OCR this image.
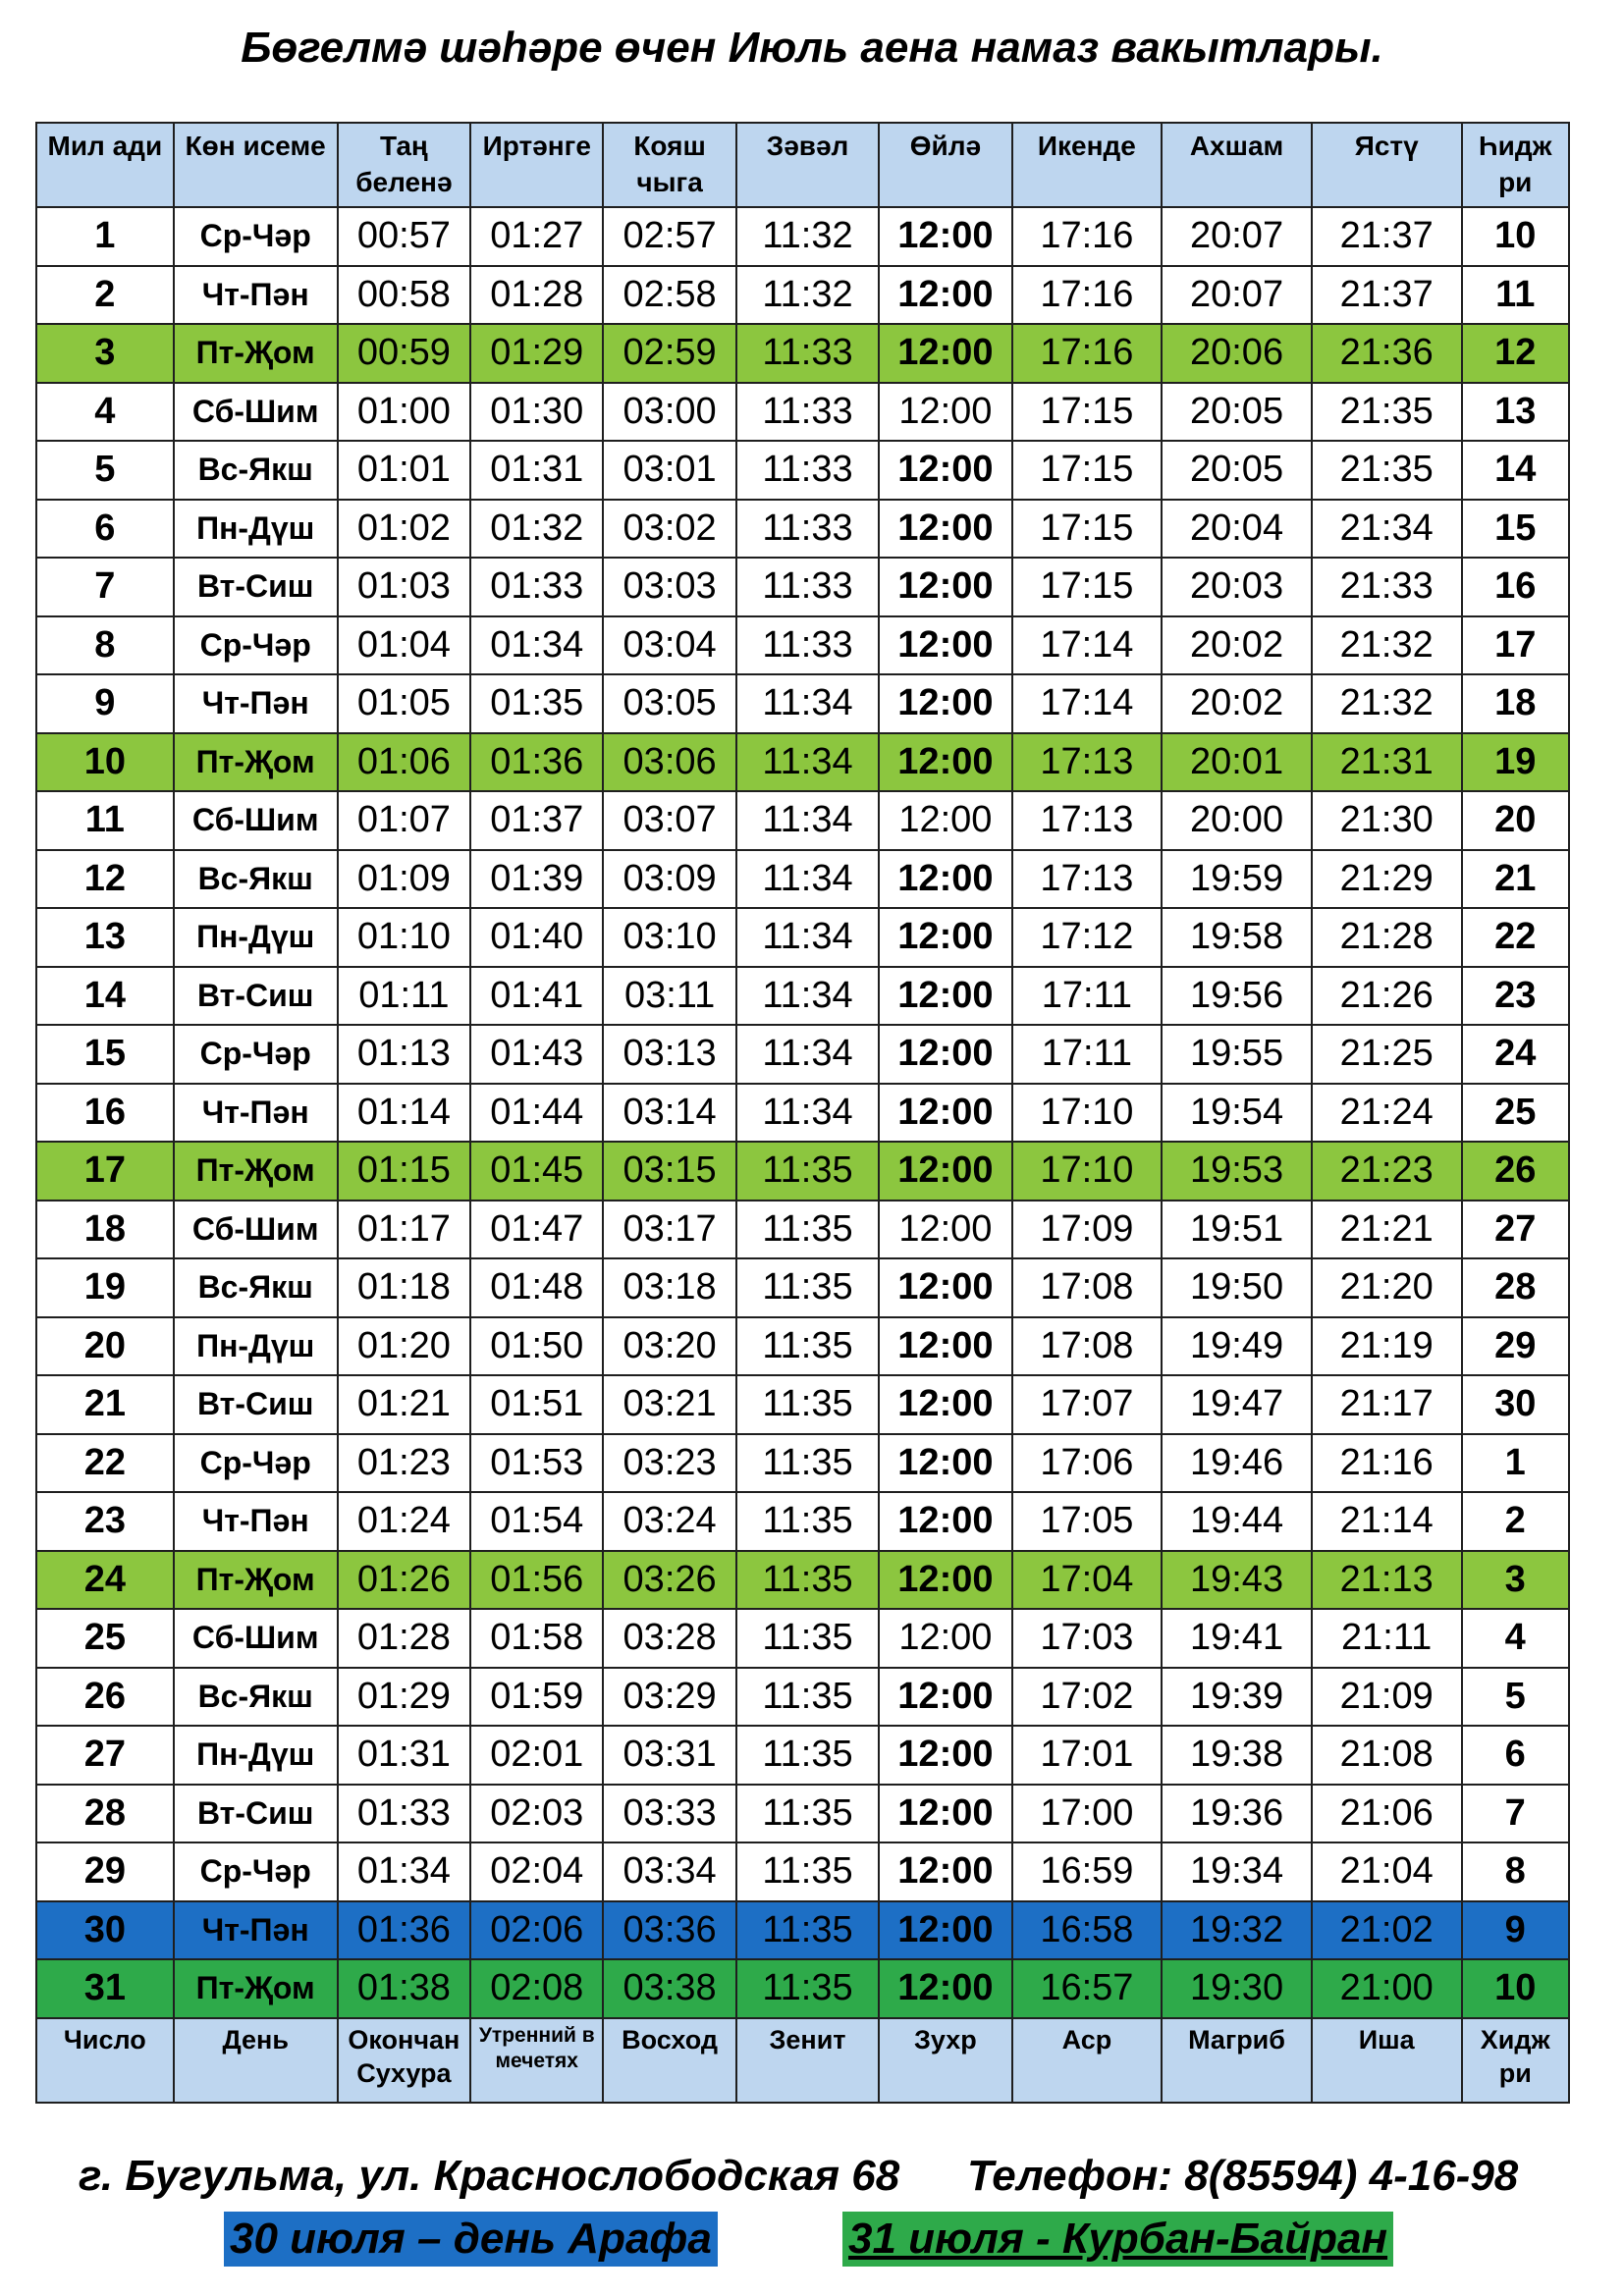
Бөгелмә шәһәре өчен Июль аена намаз вакытлары.
Мил ади	Көн исеме	Таң беленә	Иртәнге	Кояш чыга	Зәвәл	Өйлә	Икенде	Ахшам	Ястү	Һидж ри
1	Ср-Чәр	00:57	01:27	02:57	11:32	12:00	17:16	20:07	21:37	10
2	Чт-Пән	00:58	01:28	02:58	11:32	12:00	17:16	20:07	21:37	11
3	Пт-Җом	00:59	01:29	02:59	11:33	12:00	17:16	20:06	21:36	12
4	Сб-Шим	01:00	01:30	03:00	11:33	12:00	17:15	20:05	21:35	13
5	Вс-Якш	01:01	01:31	03:01	11:33	12:00	17:15	20:05	21:35	14
6	Пн-Дүш	01:02	01:32	03:02	11:33	12:00	17:15	20:04	21:34	15
7	Вт-Сиш	01:03	01:33	03:03	11:33	12:00	17:15	20:03	21:33	16
8	Ср-Чәр	01:04	01:34	03:04	11:33	12:00	17:14	20:02	21:32	17
9	Чт-Пән	01:05	01:35	03:05	11:34	12:00	17:14	20:02	21:32	18
10	Пт-Җом	01:06	01:36	03:06	11:34	12:00	17:13	20:01	21:31	19
11	Сб-Шим	01:07	01:37	03:07	11:34	12:00	17:13	20:00	21:30	20
12	Вс-Якш	01:09	01:39	03:09	11:34	12:00	17:13	19:59	21:29	21
13	Пн-Дүш	01:10	01:40	03:10	11:34	12:00	17:12	19:58	21:28	22
14	Вт-Сиш	01:11	01:41	03:11	11:34	12:00	17:11	19:56	21:26	23
15	Ср-Чәр	01:13	01:43	03:13	11:34	12:00	17:11	19:55	21:25	24
16	Чт-Пән	01:14	01:44	03:14	11:34	12:00	17:10	19:54	21:24	25
17	Пт-Җом	01:15	01:45	03:15	11:35	12:00	17:10	19:53	21:23	26
18	Сб-Шим	01:17	01:47	03:17	11:35	12:00	17:09	19:51	21:21	27
19	Вс-Якш	01:18	01:48	03:18	11:35	12:00	17:08	19:50	21:20	28
20	Пн-Дүш	01:20	01:50	03:20	11:35	12:00	17:08	19:49	21:19	29
21	Вт-Сиш	01:21	01:51	03:21	11:35	12:00	17:07	19:47	21:17	30
22	Ср-Чәр	01:23	01:53	03:23	11:35	12:00	17:06	19:46	21:16	1
23	Чт-Пән	01:24	01:54	03:24	11:35	12:00	17:05	19:44	21:14	2
24	Пт-Җом	01:26	01:56	03:26	11:35	12:00	17:04	19:43	21:13	3
25	Сб-Шим	01:28	01:58	03:28	11:35	12:00	17:03	19:41	21:11	4
26	Вс-Якш	01:29	01:59	03:29	11:35	12:00	17:02	19:39	21:09	5
27	Пн-Дүш	01:31	02:01	03:31	11:35	12:00	17:01	19:38	21:08	6
28	Вт-Сиш	01:33	02:03	03:33	11:35	12:00	17:00	19:36	21:06	7
29	Ср-Чәр	01:34	02:04	03:34	11:35	12:00	16:59	19:34	21:04	8
30	Чт-Пән	01:36	02:06	03:36	11:35	12:00	16:58	19:32	21:02	9
31	Пт-Җом	01:38	02:08	03:38	11:35	12:00	16:57	19:30	21:00	10
Число	День	Окончан Сухура	Утренний в мечетях	Восход	Зенит	Зухр	Аср	Магриб	Иша	Хидж ри
г. Бугульма, ул. Краснослободская 68 Телефон: 8(85594) 4-16-98
30 июля – день Арафа	31 июля - Курбан-Байран
